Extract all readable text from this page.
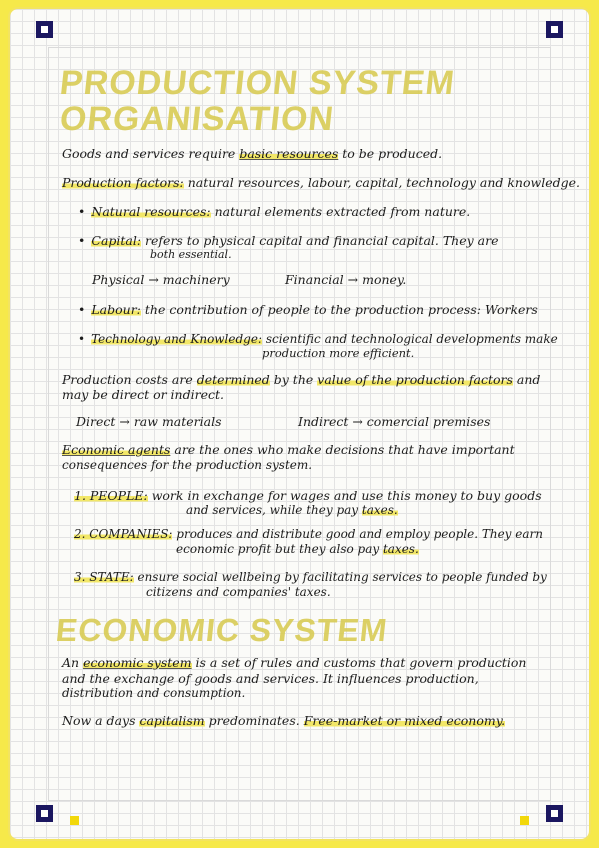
PRODUCTION SYSTEM
ORGANISATION
Goods and services require basic resources to be produced.
Production factors: natural resources, labour, capital, technology and knowledge.
• Natural resources: natural elements extracted from nature.
• Capital: refers to physical capital and financial capital. They are
both essential.
Physical → machinery	Financial → money.
• Labour: the contribution of people to the production process: Workers
• Technology and Knowledge: scientific and technological developments make
production more efficient.
Production costs are determined by the value of the production factors and
may be direct or indirect.
Direct → raw materials	Indirect → comercial premises
Economic agents are the ones who make decisions that have important
consequences for the production system.
1. PEOPLE: work in exchange for wages and use this money to buy goods
and services, while they pay taxes.
2. COMPANIES: produces and distribute good and employ people. They earn
economic profit but they also pay taxes.
3. STATE: ensure social wellbeing by facilitating services to people funded by
citizens and companies' taxes.
ECONOMIC SYSTEM
An economic system is a set of rules and customs that govern production
and the exchange of goods and services. It influences production,
distribution and consumption.
Now a days capitalism predominates. Free-market or mixed economy.
